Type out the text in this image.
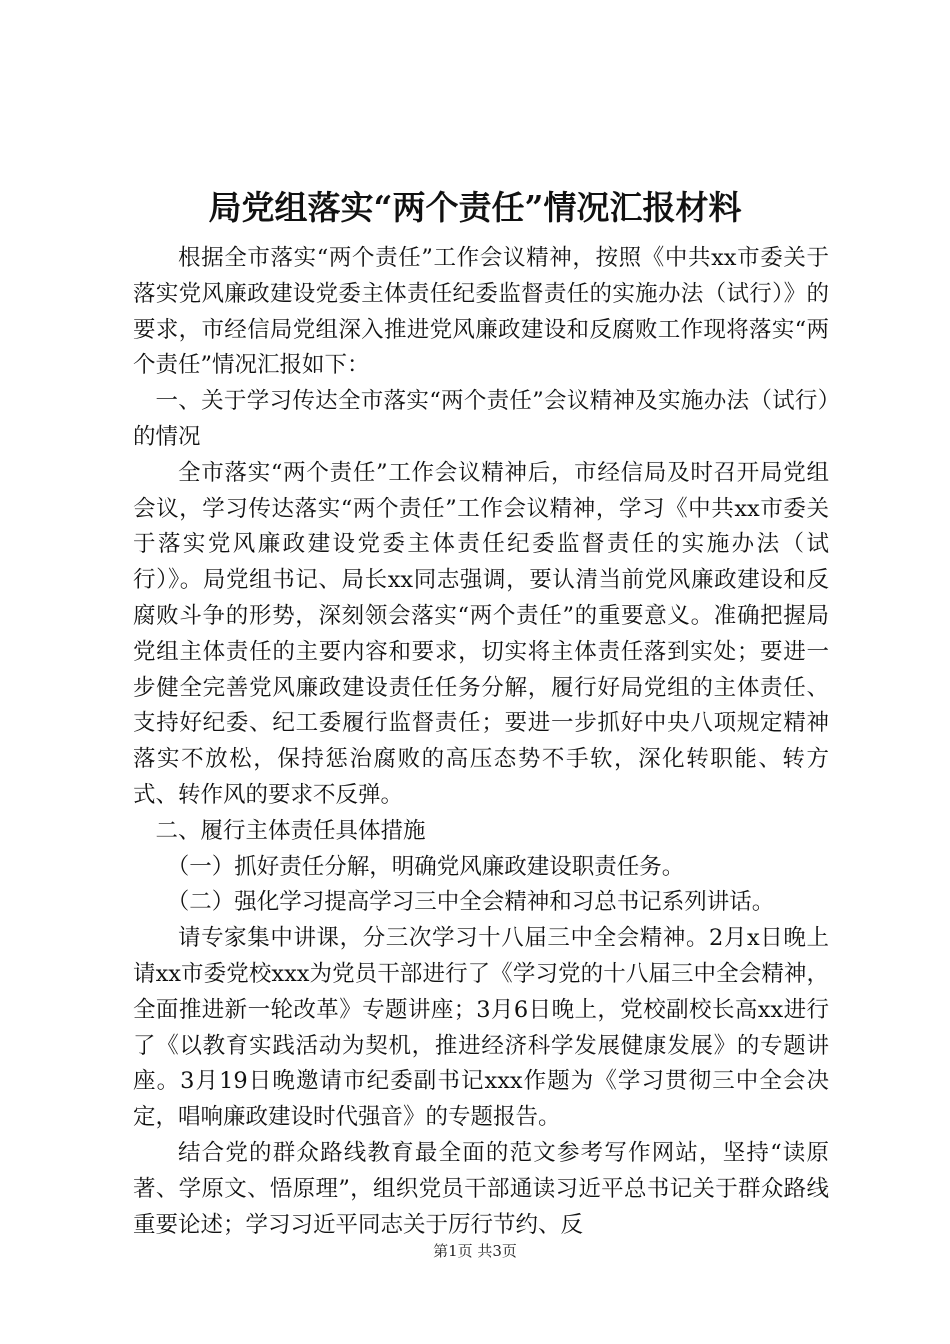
局党组落实“两个责任”情况汇报材料

根据全市落实“两个责任”工作会议精神，按照《中共xx市委关于落实党风廉政建设党委主体责任纪委监督责任的实施办法（试行）》的要求，市经信局党组深入推进党风廉政建设和反腐败工作现将落实“两个责任”情况汇报如下：

一、关于学习传达全市落实“两个责任”会议精神及实施办法（试行）的情况

全市落实“两个责任”工作会议精神后，市经信局及时召开局党组会议，学习传达落实“两个责任”工作会议精神，学习《中共xx市委关于落实党风廉政建设党委主体责任纪委监督责任的实施办法（试行）》。局党组书记、局长xx同志强调，要认清当前党风廉政建设和反腐败斗争的形势，深刻领会落实“两个责任”的重要意义。准确把握局党组主体责任的主要内容和要求，切实将主体责任落到实处；要进一步健全完善党风廉政建设责任任务分解，履行好局党组的主体责任、支持好纪委、纪工委履行监督责任；要进一步抓好中央八项规定精神落实不放松，保持惩治腐败的高压态势不手软，深化转职能、转方式、转作风的要求不反弹。

二、履行主体责任具体措施

（一）抓好责任分解，明确党风廉政建设职责任务。

（二）强化学习提高学习三中全会精神和习总书记系列讲话。

请专家集中讲课，分三次学习十八届三中全会精神。2月x日晚上请xx市委党校xxx为党员干部进行了《学习党的十八届三中全会精神，全面推进新一轮改革》专题讲座；3月6日晚上，党校副校长高xx进行了《以教育实践活动为契机，推进经济科学发展健康发展》的专题讲座。3月19日晚邀请市纪委副书记xxx作题为《学习贯彻三中全会决定，唱响廉政建设时代强音》的专题报告。

结合党的群众路线教育最全面的范文参考写作网站，坚持“读原著、学原文、悟原理”，组织党员干部通读习近平总书记关于群众路线重要论述；学习习近平同志关于厉行节约、反

第1页 共3页
